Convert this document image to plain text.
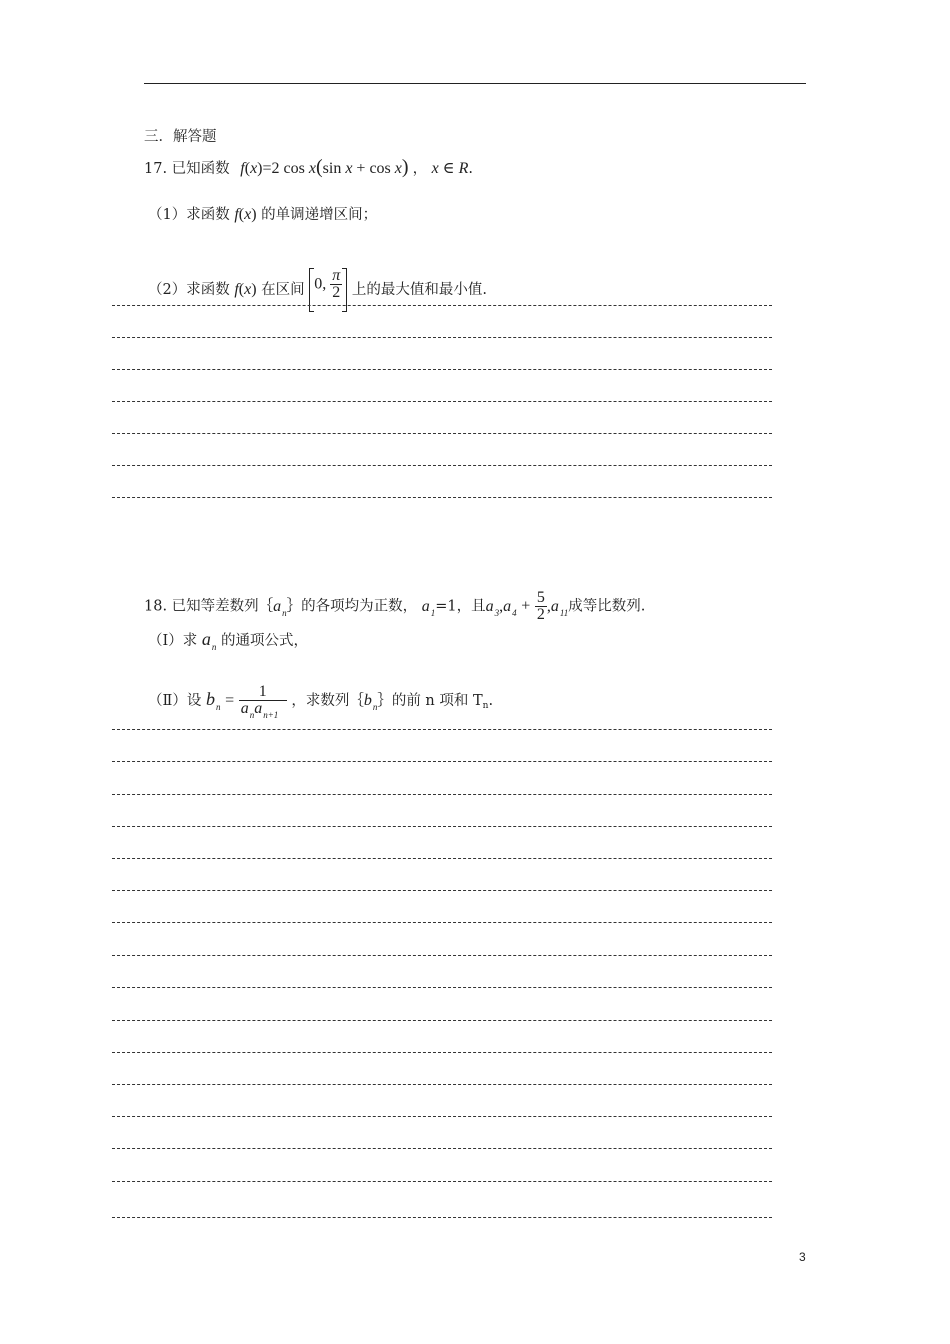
三．解答题
17. 已知函数 f(x)=2 cos x(sin x + cos x) ， x ∈ R.
（1）求函数 f(x) 的单调递增区间；
（2）求函数 f(x) 在区间 0, $\frac{\pi}{2}$ 上的最大值和最小值.
18. 已知等差数列$\{a_n\}$的各项均为正数， $a_1=1$，且$a_3,a_4 + \frac{5}{2} ,a_{11}$成等比数列.
（Ⅰ）求 $a_n$ 的通项公式，
（Ⅱ）设 $b_n = \frac{1}{a_na_{n+1}}$ ，求数列$\{b_n\}$的前 n 项和 $T_n$.
3
